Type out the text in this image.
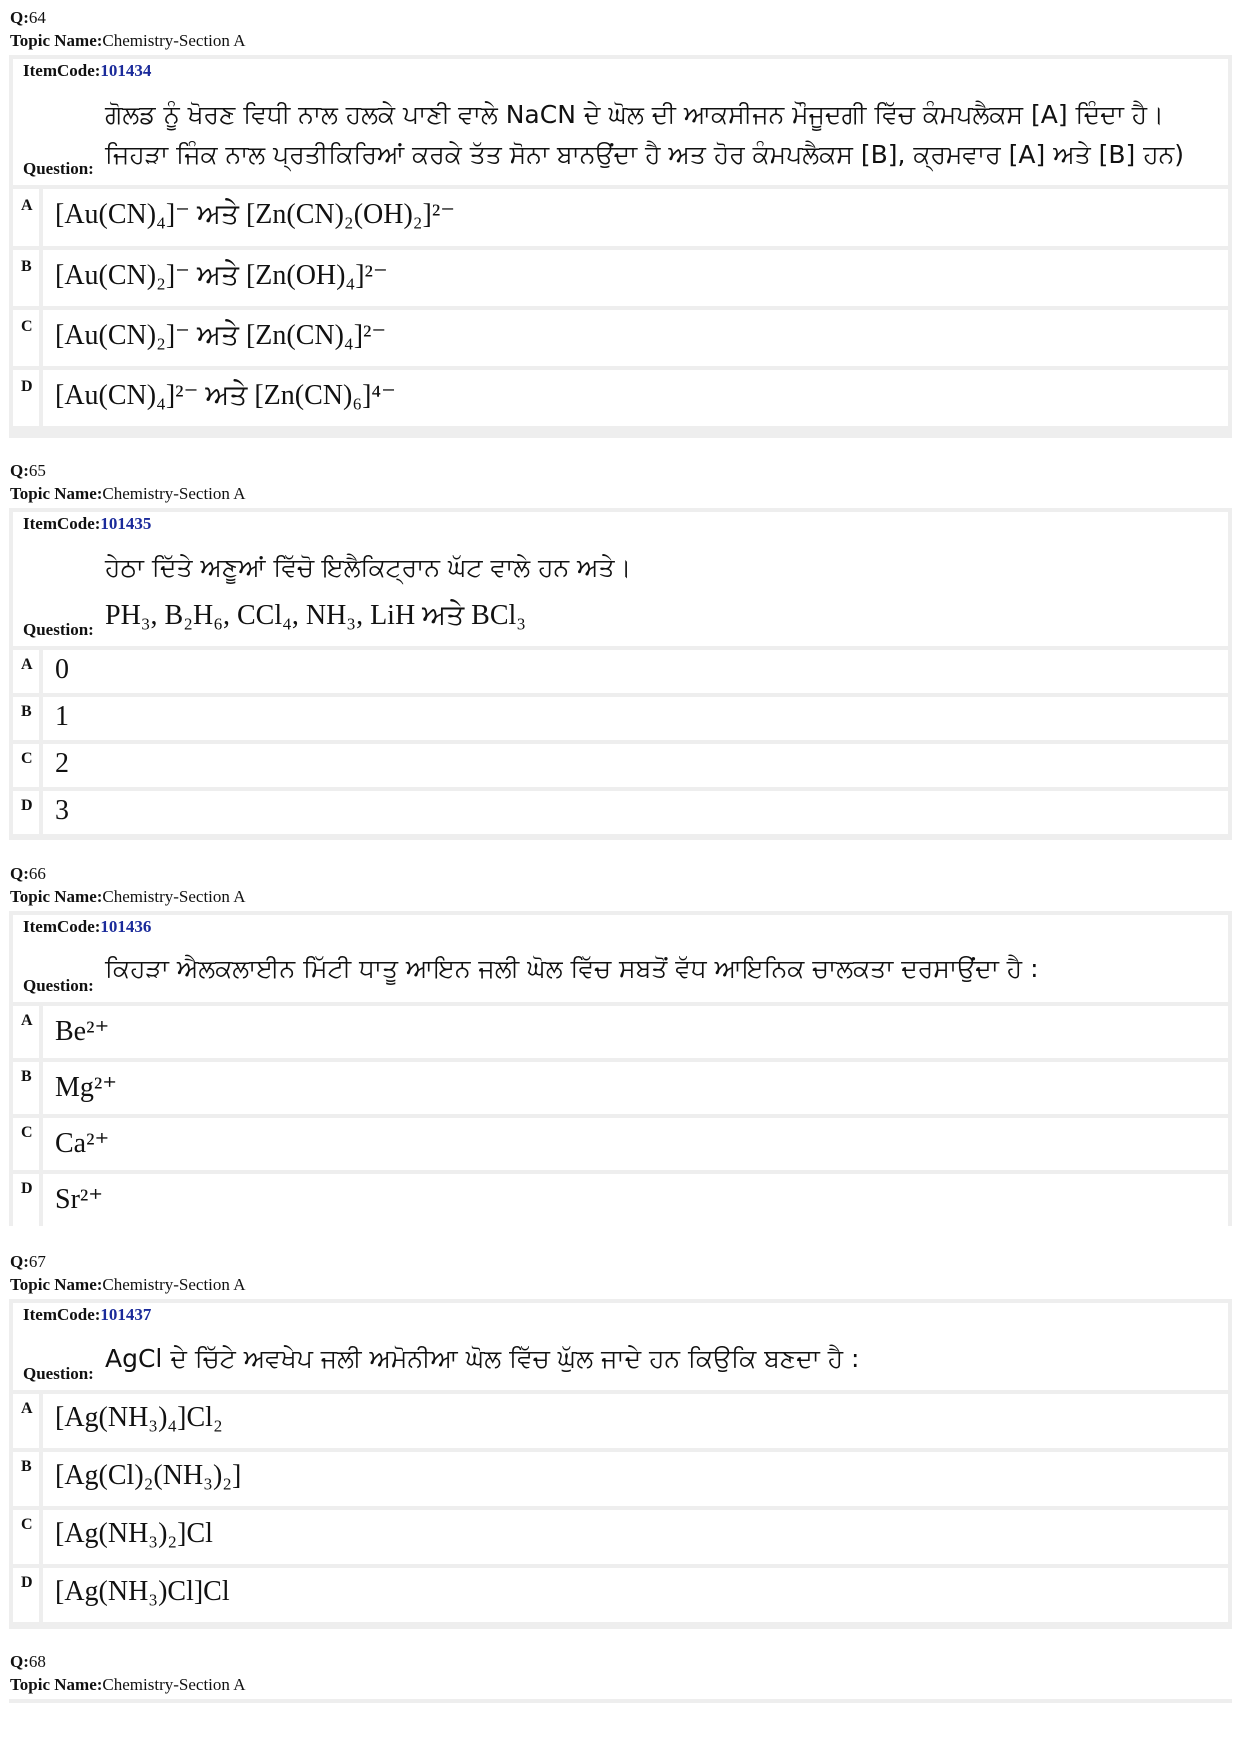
Q:64
Topic Name:Chemistry-Section A
ItemCode:101434
ਗੋਲਡ ਨੂੰ ਖੋਰਣ ਵਿਧੀ ਨਾਲ ਹਲਕੇ ਪਾਣੀ ਵਾਲੇ NaCN ਦੇ ਘੋਲ ਦੀ ਆਕਸੀਜਨ ਮੌਜੂਦਗੀ ਵਿੱਚ ਕੰਮਪਲੈਕਸ [A] ਦਿੰਦਾ ਹੈ।
ਜਿਹੜਾ ਜਿੰਕ ਨਾਲ ਪ੍ਰਤੀਕਿਰਿਆਂ ਕਰਕੇ ਤੱਤ ਸੋਨਾ ਬਾਨਉਂਦਾ ਹੈ ਅਤ ਹੋਰ ਕੰਮਪਲੈਕਸ [B], ਕ੍ਰਮਵਾਰ [A] ਅਤੇ [B] ਹਨ)
Question:
A [Au(CN)₄]⁻ ਅਤੇ [Zn(CN)₂(OH)₂]²⁻
B [Au(CN)₂]⁻ ਅਤੇ [Zn(OH)₄]²⁻
C [Au(CN)₂]⁻ ਅਤੇ [Zn(CN)₄]²⁻
D [Au(CN)₄]²⁻ ਅਤੇ [Zn(CN)₆]⁴⁻
Q:65
Topic Name:Chemistry-Section A
ItemCode:101435
ਹੇਠਾ ਦਿੱਤੇ ਅਣੂਆਂ ਵਿੱਚੋ ਇਲੈਕਿਟ੍ਰਾਨ ਘੱਟ ਵਾਲੇ ਹਨ ਅਤੇ।
PH₃, B₂H₆, CCl₄, NH₃, LiH ਅਤੇ BCl₃
Question:
A 0
B 1
C 2
D 3
Q:66
Topic Name:Chemistry-Section A
ItemCode:101436
ਕਿਹੜਾ ਐਲਕਲਾਈਨ ਮਿੱਟੀ ਧਾਤੂ ਆਇਨ ਜਲੀ ਘੋਲ ਵਿੱਚ ਸਬਤੋਂ ਵੱਧ ਆਇਨਿਕ ਚਾਲਕਤਾ ਦਰਸਾਉਂਦਾ ਹੈ :
Question:
A Be²⁺
B Mg²⁺
C Ca²⁺
D Sr²⁺
Q:67
Topic Name:Chemistry-Section A
ItemCode:101437
AgCl ਦੇ ਚਿੱਟੇ ਅਵਖੇਪ ਜਲੀ ਅਮੋਨੀਆ ਘੋਲ ਵਿੱਚ ਘੁੱਲ ਜਾਦੇ ਹਨ ਕਿਉਕਿ ਬਣਦਾ ਹੈ :
Question:
A [Ag(NH₃)₄]Cl₂
B [Ag(Cl)₂(NH₃)₂]
C [Ag(NH₃)₂]Cl
D [Ag(NH₃)Cl]Cl
Q:68
Topic Name:Chemistry-Section A
